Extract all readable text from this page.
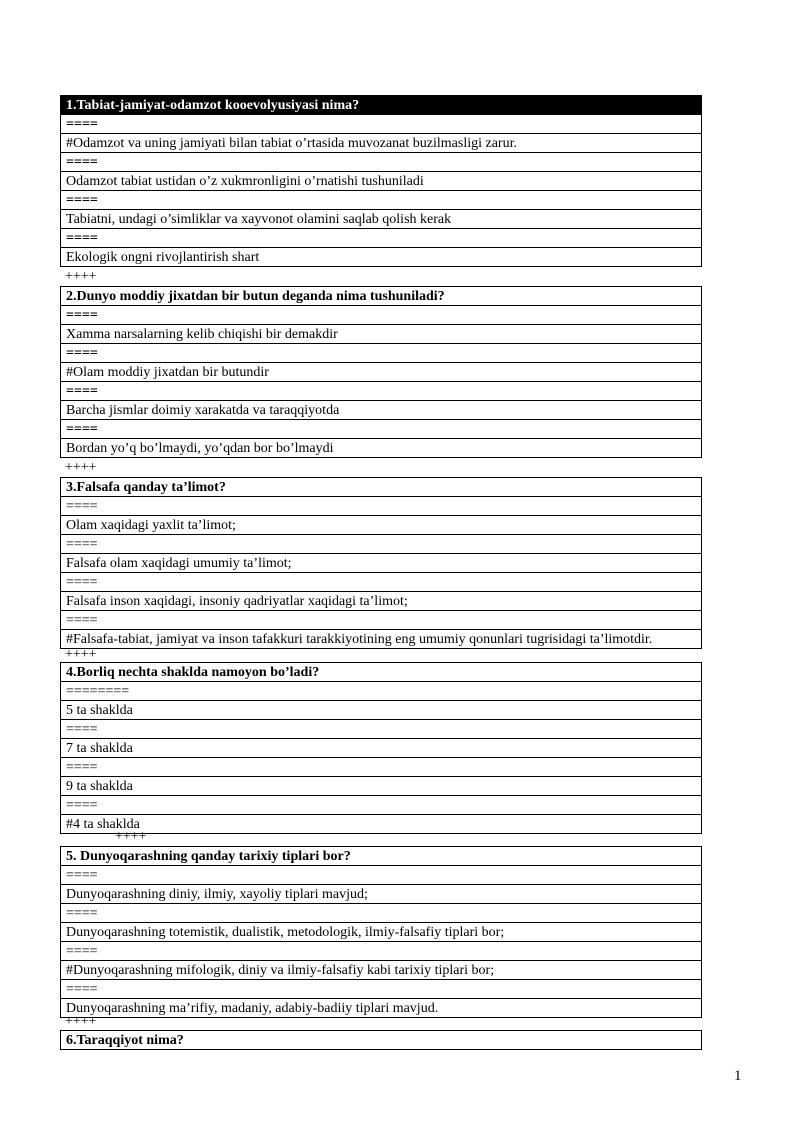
1.Tabiat-jamiyat-odamzot kooevolyusiyasi nima?
====
#Odamzot va uning jamiyati bilan tabiat o’rtasida muvozanat buzilmasligi zarur.
====
Odamzot tabiat ustidan o’z xukmronligini o’rnatishi tushuniladi
====
Tabiatni, undagi o’simliklar va xayvonot olamini saqlab qolish kerak
====
Ekologik ongni rivojlantirish shart
++++
2.Dunyo moddiy jixatdan bir butun deganda nima tushuniladi?
====
Xamma narsalarning kelib chiqishi bir demakdir
====
#Olam moddiy jixatdan bir butundir
====
Barcha jismlar doimiy xarakatda va taraqqiyotda
====
Bordan yo’q bo’lmaydi, yo’qdan bor bo’lmaydi
++++
3.Falsafa qanday ta’limot?
====
Olam xaqidagi yaxlit ta’limot;
====
Falsafa olam xaqidagi umumiy ta’limot;
====
Falsafa inson xaqidagi, insoniy qadriyatlar xaqidagi ta’limot;
====
#Falsafa-tabiat, jamiyat va inson tafakkuri tarakkiyotining eng umumiy qonunlari tugrisidagi ta’limotdir.
++++
4.Borliq nechta shaklda namoyon bo’ladi?
========
5 ta shaklda
====
7 ta shaklda
====
9 ta shaklda
====
#4 ta shaklda
++++
5. Dunyoqarashning qanday tarixiy tiplari bor?
====
Dunyoqarashning diniy, ilmiy, xayoliy tiplari mavjud;
====
Dunyoqarashning totemistik, dualistik, metodologik, ilmiy-falsafiy tiplari bor;
====
#Dunyoqarashning mifologik, diniy va ilmiy-falsafiy kabi tarixiy tiplari bor;
====
Dunyoqarashning ma’rifiy, madaniy, adabiy-badiiy tiplari mavjud.
++++
6.Taraqqiyot nima?
1
